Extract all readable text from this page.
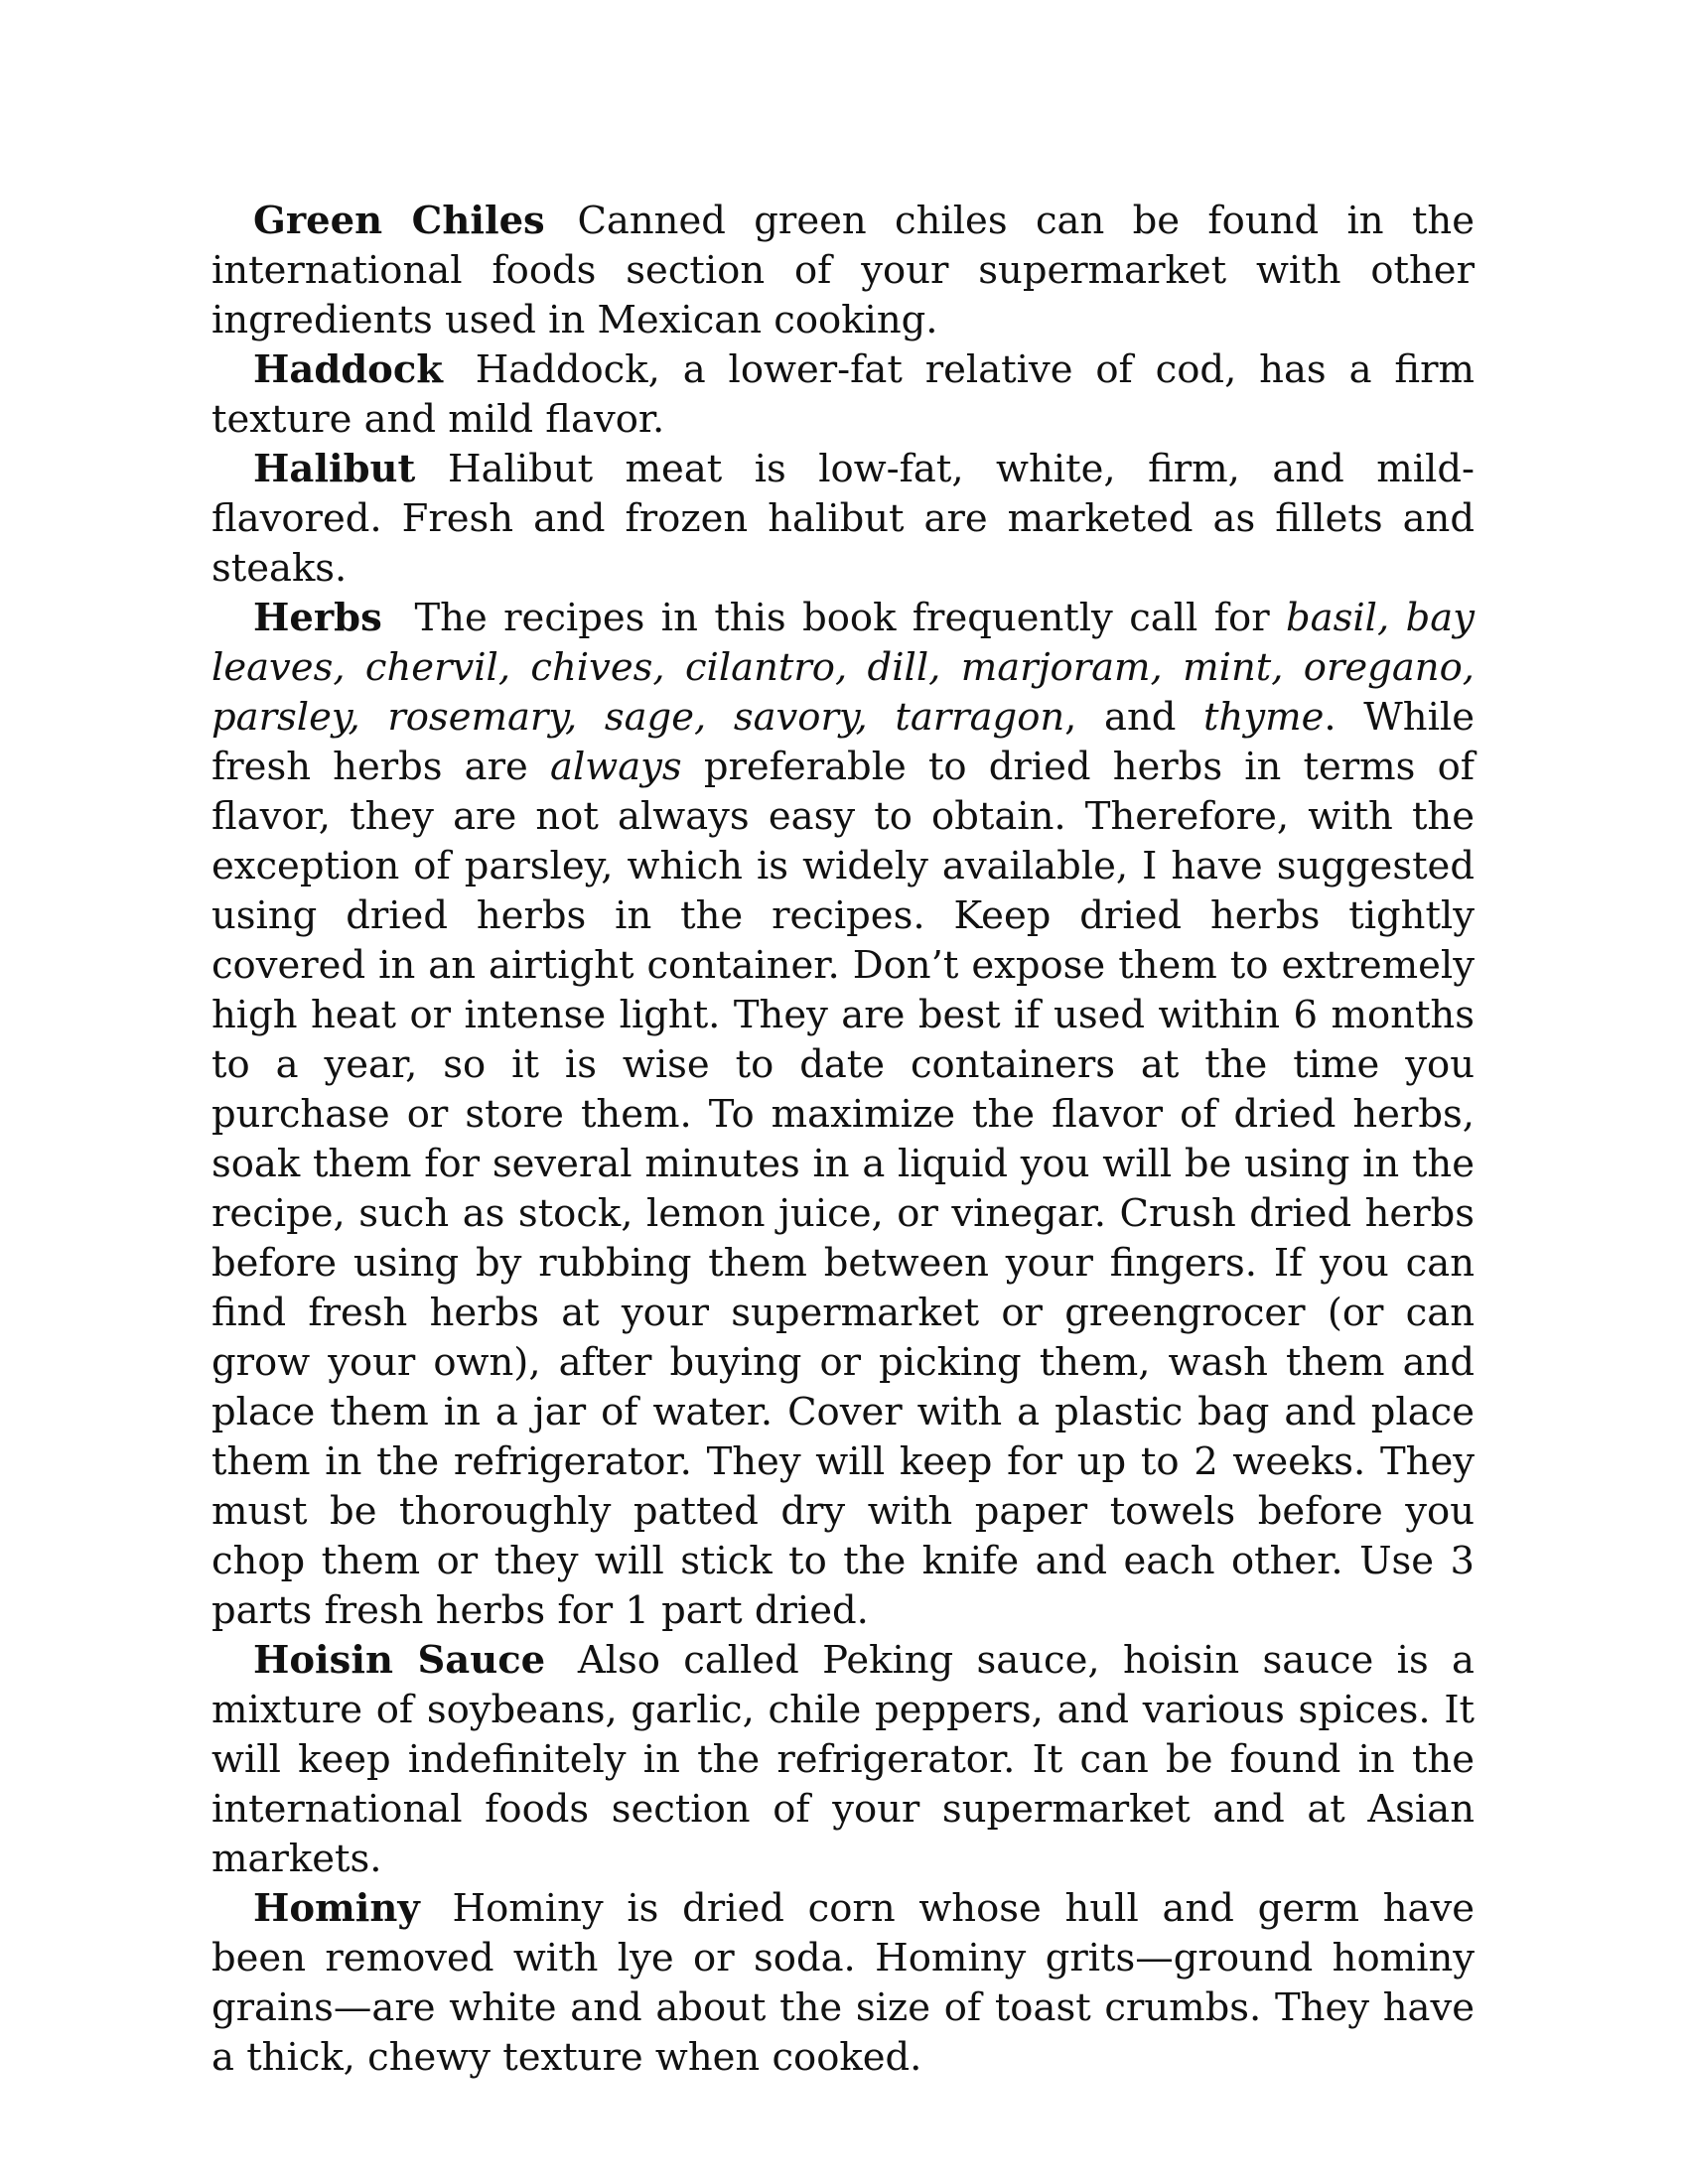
Green Chiles Canned green chiles can be found in the international foods section of your supermarket with other ingredients used in Mexican cooking.

Haddock Haddock, a lower-fat relative of cod, has a firm texture and mild flavor.

Halibut Halibut meat is low-fat, white, firm, and mild-flavored. Fresh and frozen halibut are marketed as fillets and steaks.

Herbs The recipes in this book frequently call for basil, bay leaves, chervil, chives, cilantro, dill, marjoram, mint, oregano, parsley, rosemary, sage, savory, tarragon, and thyme. While fresh herbs are always preferable to dried herbs in terms of flavor, they are not always easy to obtain. Therefore, with the exception of parsley, which is widely available, I have suggested using dried herbs in the recipes. Keep dried herbs tightly covered in an airtight container. Don’t expose them to extremely high heat or intense light. They are best if used within 6 months to a year, so it is wise to date containers at the time you purchase or store them. To maximize the flavor of dried herbs, soak them for several minutes in a liquid you will be using in the recipe, such as stock, lemon juice, or vinegar. Crush dried herbs before using by rubbing them between your fingers. If you can find fresh herbs at your supermarket or greengrocer (or can grow your own), after buying or picking them, wash them and place them in a jar of water. Cover with a plastic bag and place them in the refrigerator. They will keep for up to 2 weeks. They must be thoroughly patted dry with paper towels before you chop them or they will stick to the knife and each other. Use 3 parts fresh herbs for 1 part dried.

Hoisin Sauce Also called Peking sauce, hoisin sauce is a mixture of soybeans, garlic, chile peppers, and various spices. It will keep indefinitely in the refrigerator. It can be found in the international foods section of your supermarket and at Asian markets.

Hominy Hominy is dried corn whose hull and germ have been removed with lye or soda. Hominy grits—ground hominy grains—are white and about the size of toast crumbs. They have a thick, chewy texture when cooked.
